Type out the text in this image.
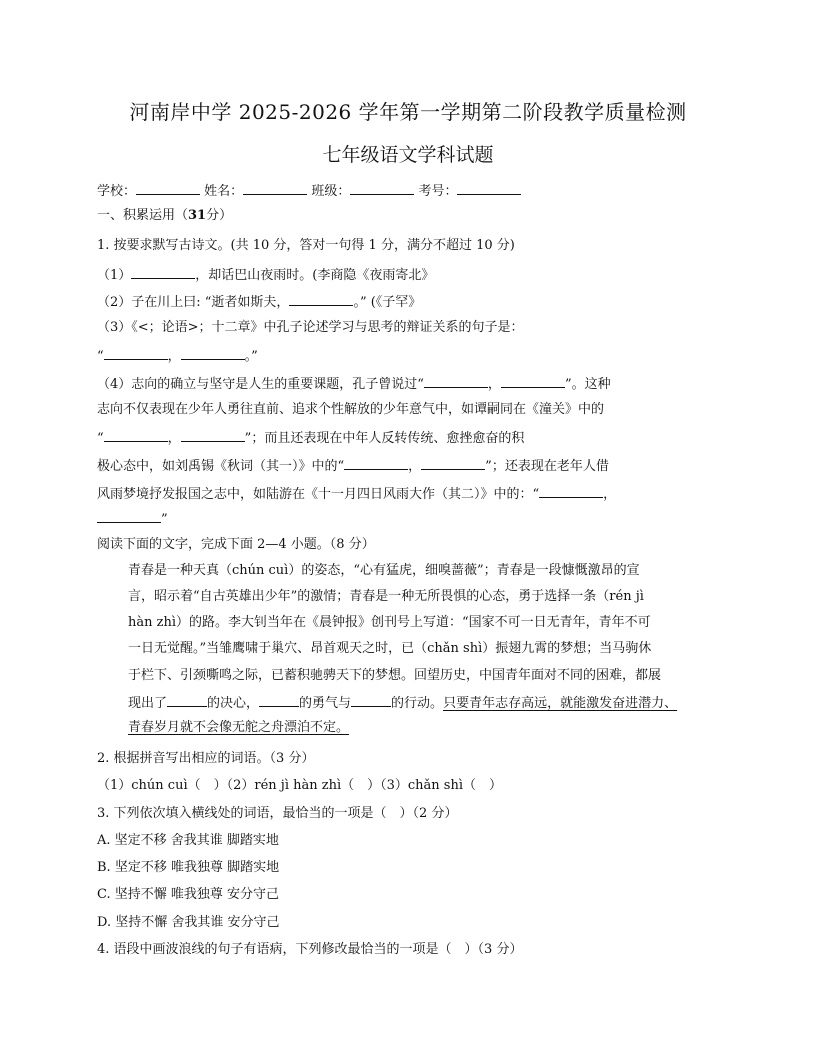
河南岸中学 2025-2026 学年第一学期第二阶段教学质量检测
七年级语文学科试题
学校：	姓名：	班级：	考号：
一、积累运用（31分）
1. 按要求默写古诗文。(共 10 分，答对一句得 1 分，满分不超过 10 分)
（1）	，却话巴山夜雨时。(李商隐《夜雨寄北》
（2）子在川上曰: “逝者如斯夫，	。” (《子罕》
（3）《<；论语>；十二章》中孔子论述学习与思考的辩证关系的句子是：
“	，	。”
（4）志向的确立与坚守是人生的重要课题，孔子曾说过“	，	”。这种
志向不仅表现在少年人勇往直前、追求个性解放的少年意气中，如谭嗣同在《潼关》中的
“	，	”；而且还表现在中年人反转传统、愈挫愈奋的积
极心态中，如刘禹锡《秋词（其一）》中的“	，	”；还表现在老年人借
风雨梦境抒发报国之志中，如陆游在《十一月四日风雨大作（其二）》中的：“	，
”
阅读下面的文字，完成下面 2—4 小题。（8 分）
青春是一种天真（chún cuì）的姿态，“心有猛虎，细嗅蔷薇”；青春是一段慷慨激昂的宣
言，昭示着“自古英雄出少年”的激情；青春是一种无所畏惧的心态，勇于选择一条（rén jì
hàn zhì）的路。李大钊当年在《晨钟报》创刊号上写道：“国家不可一日无青年，青年不可
一日无觉醒。”当雏鹰啸于巢穴、昂首观天之时，已（chǎn shì）振翅九霄的梦想；当马驹休
于栏下、引颈嘶鸣之际，已蓄积驰骋天下的梦想。回望历史，中国青年面对不同的困难，都展
现出了	的决心，	的勇气与	的行动。只要青年志存高远，就能激发奋进潜力、
青春岁月就不会像无舵之舟漂泊不定。
2. 根据拼音写出相应的词语。（3 分）
（1）chún cuì（　）（2）rén jì hàn zhì（　）（3）chǎn shì（　）
3. 下列依次填入横线处的词语，最恰当的一项是（　）（2 分）
A. 坚定不移 舍我其谁 脚踏实地
B. 坚定不移 唯我独尊 脚踏实地
C. 坚持不懈 唯我独尊 安分守己
D. 坚持不懈 舍我其谁 安分守己
4. 语段中画波浪线的句子有语病，下列修改最恰当的一项是（　）（3 分）
